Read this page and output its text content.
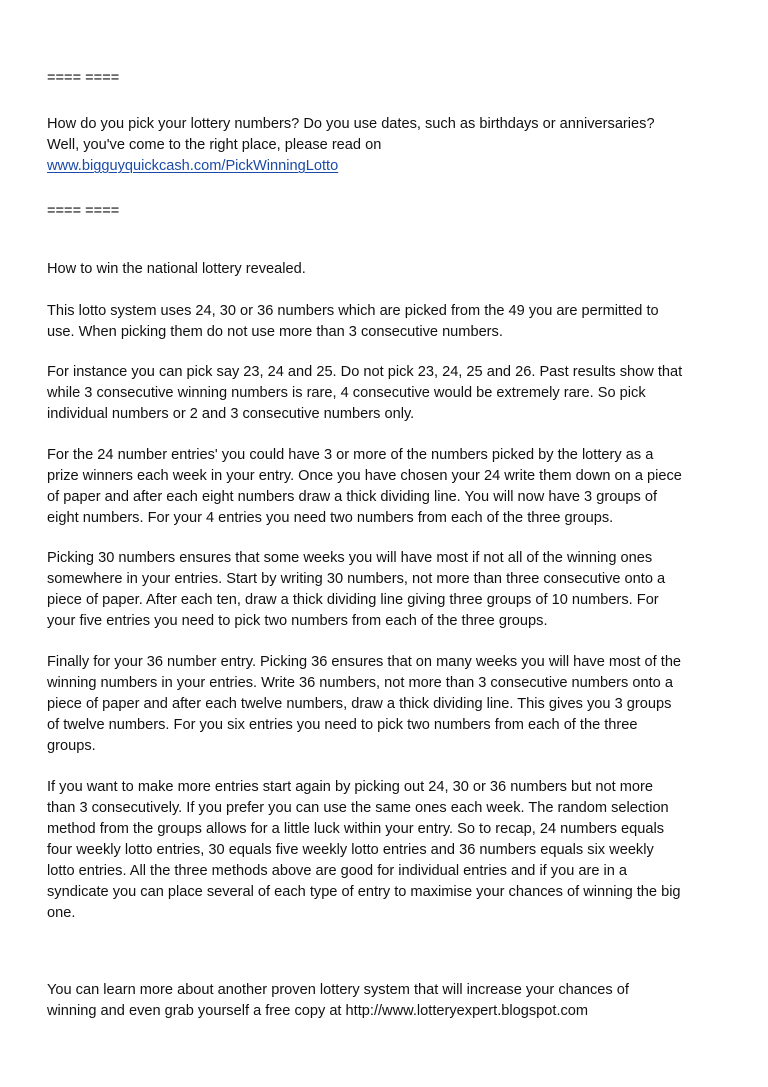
==== ====
How do you pick your lottery numbers? Do you use dates, such as birthdays or anniversaries?
Well, you've come to the right place, please read on
www.bigguyquickcash.com/PickWinningLotto
==== ====
How to win the national lottery revealed.
This lotto system uses 24, 30 or 36 numbers which are picked from the 49 you are permitted to
use. When picking them do not use more than 3 consecutive numbers.
For instance you can pick say 23, 24 and 25. Do not pick 23, 24, 25 and 26. Past results show that
while 3 consecutive winning numbers is rare, 4 consecutive would be extremely rare. So pick
individual numbers or 2 and 3 consecutive numbers only.
For the 24 number entries' you could have 3 or more of the numbers picked by the lottery as a
prize winners each week in your entry. Once you have chosen your 24 write them down on a piece
of paper and after each eight numbers draw a thick dividing line. You will now have 3 groups of
eight numbers. For your 4 entries you need two numbers from each of the three groups.
Picking 30 numbers ensures that some weeks you will have most if not all of the winning ones
somewhere in your entries. Start by writing 30 numbers, not more than three consecutive onto a
piece of paper. After each ten, draw a thick dividing line giving three groups of 10 numbers. For
your five entries you need to pick two numbers from each of the three groups.
Finally for your 36 number entry. Picking 36 ensures that on many weeks you will have most of the
winning numbers in your entries. Write 36 numbers, not more than 3 consecutive numbers onto a
piece of paper and after each twelve numbers, draw a thick dividing line. This gives you 3 groups
of twelve numbers. For you six entries you need to pick two numbers from each of the three
groups.
If you want to make more entries start again by picking out 24, 30 or 36 numbers but not more
than 3 consecutively. If you prefer you can use the same ones each week. The random selection
method from the groups allows for a little luck within your entry. So to recap, 24 numbers equals
four weekly lotto entries, 30 equals five weekly lotto entries and 36 numbers equals six weekly
lotto entries. All the three methods above are good for individual entries and if you are in a
syndicate you can place several of each type of entry to maximise your chances of winning the big
one.
You can learn more about another proven lottery system that will increase your chances of
winning and even grab yourself a free copy at http://www.lotteryexpert.blogspot.com
